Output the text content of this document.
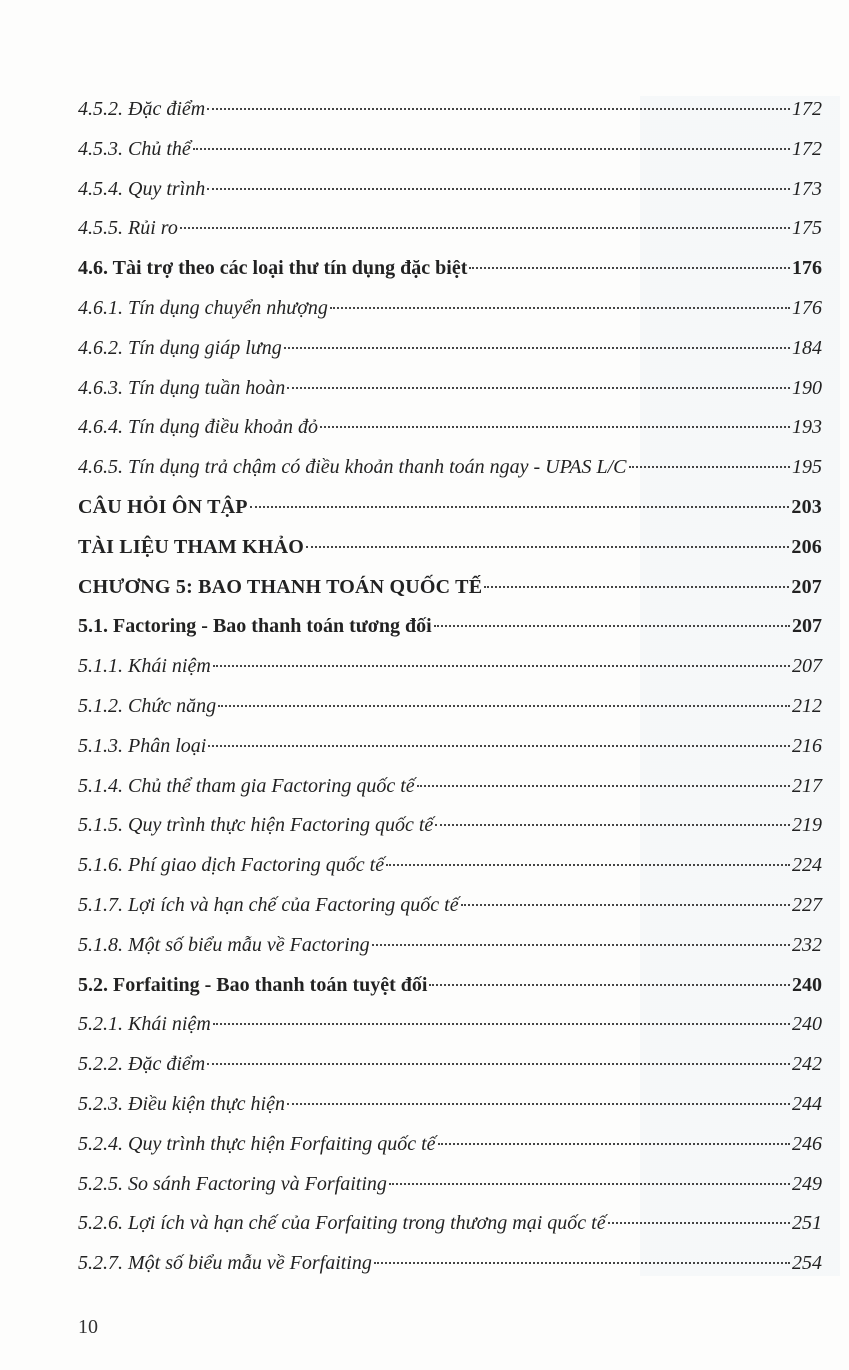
4.5.2. Đặc điểm	172
4.5.3. Chủ thể	172
4.5.4. Quy trình	173
4.5.5. Rủi ro	175
4.6. Tài trợ theo các loại thư tín dụng đặc biệt	176
4.6.1. Tín dụng chuyển nhượng	176
4.6.2. Tín dụng giáp lưng	184
4.6.3. Tín dụng tuần hoàn	190
4.6.4. Tín dụng điều khoản đỏ	193
4.6.5. Tín dụng trả chậm có điều khoản thanh toán ngay - UPAS L/C	195
CÂU HỎI ÔN TẬP	203
TÀI LIỆU THAM KHẢO	206
CHƯƠNG 5: BAO THANH TOÁN QUỐC TẾ	207
5.1. Factoring - Bao thanh toán tương đối	207
5.1.1. Khái niệm	207
5.1.2. Chức năng	212
5.1.3. Phân loại	216
5.1.4. Chủ thể tham gia Factoring quốc tế	217
5.1.5. Quy trình thực hiện Factoring quốc tế	219
5.1.6. Phí giao dịch Factoring quốc tế	224
5.1.7. Lợi ích và hạn chế của Factoring quốc tế	227
5.1.8. Một số biểu mẫu về Factoring	232
5.2. Forfaiting - Bao thanh toán tuyệt đối	240
5.2.1. Khái niệm	240
5.2.2. Đặc điểm	242
5.2.3. Điều kiện thực hiện	244
5.2.4. Quy trình thực hiện Forfaiting quốc tế	246
5.2.5. So sánh Factoring và Forfaiting	249
5.2.6. Lợi ích và hạn chế của Forfaiting trong thương mại quốc tế	251
5.2.7. Một số biểu mẫu về Forfaiting	254
10
